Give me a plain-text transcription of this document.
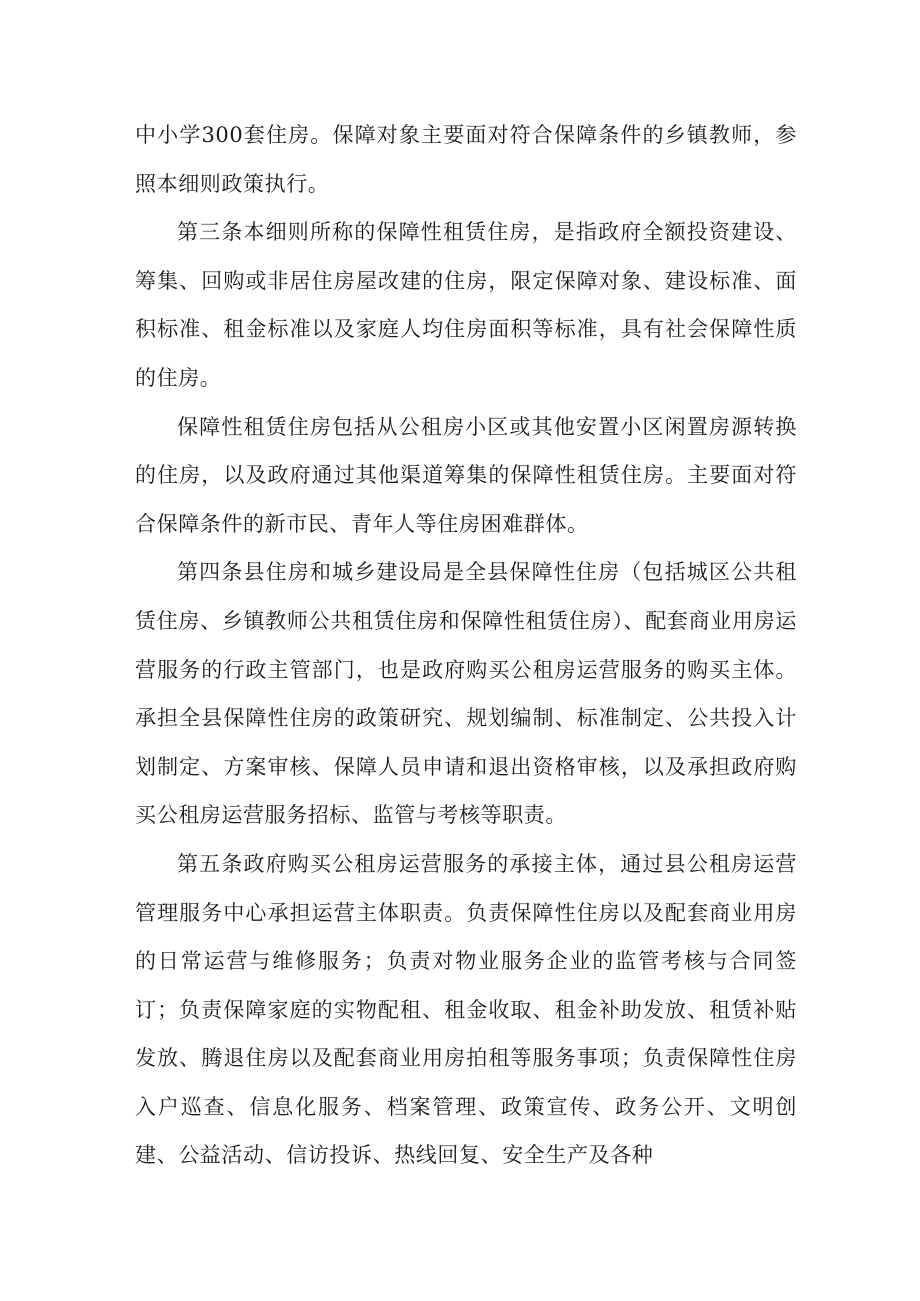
中小学300套住房。保障对象主要面对符合保障条件的乡镇教师，参照本细则政策执行。

第三条本细则所称的保障性租赁住房，是指政府全额投资建设、筹集、回购或非居住房屋改建的住房，限定保障对象、建设标准、面积标准、租金标准以及家庭人均住房面积等标准，具有社会保障性质的住房。

保障性租赁住房包括从公租房小区或其他安置小区闲置房源转换的住房，以及政府通过其他渠道筹集的保障性租赁住房。主要面对符合保障条件的新市民、青年人等住房困难群体。

第四条县住房和城乡建设局是全县保障性住房（包括城区公共租赁住房、乡镇教师公共租赁住房和保障性租赁住房）、配套商业用房运营服务的行政主管部门，也是政府购买公租房运营服务的购买主体。承担全县保障性住房的政策研究、规划编制、标准制定、公共投入计划制定、方案审核、保障人员申请和退出资格审核，以及承担政府购买公租房运营服务招标、监管与考核等职责。

第五条政府购买公租房运营服务的承接主体，通过县公租房运营管理服务中心承担运营主体职责。负责保障性住房以及配套商业用房的日常运营与维修服务；负责对物业服务企业的监管考核与合同签订；负责保障家庭的实物配租、租金收取、租金补助发放、租赁补贴发放、腾退住房以及配套商业用房拍租等服务事项；负责保障性住房入户巡查、信息化服务、档案管理、政策宣传、政务公开、文明创建、公益活动、信访投诉、热线回复、安全生产及各种
